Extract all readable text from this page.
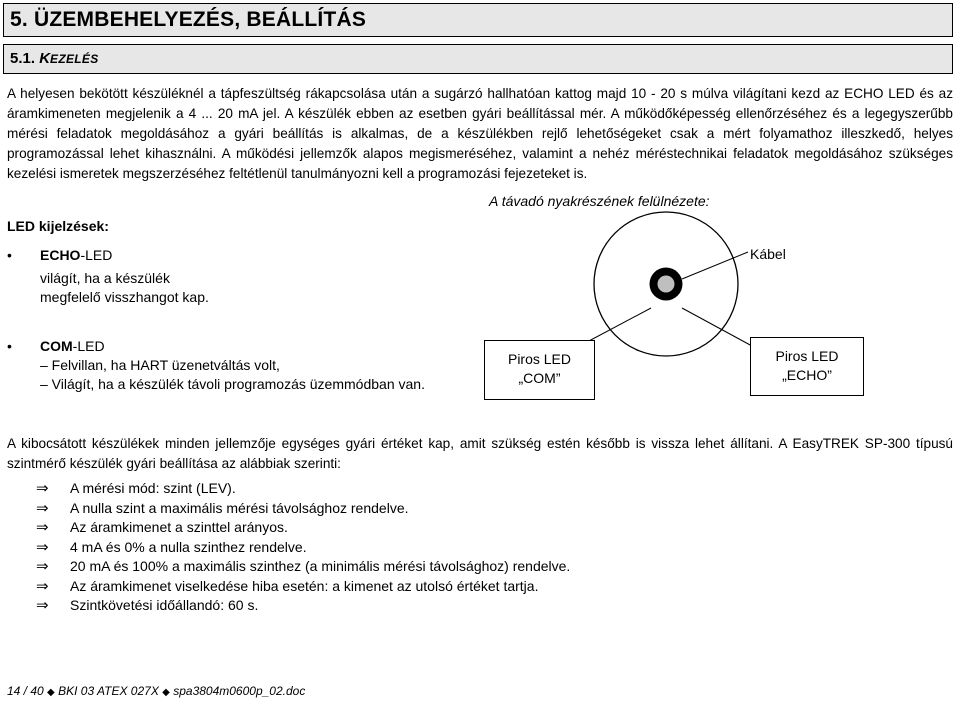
5. ÜZEMBEHELYEZÉS, BEÁLLÍTÁS
5.1. KEZELÉS

A helyesen bekötött készüléknél a tápfeszültség rákapcsolása után a sugárzó hallhatóan kattog majd 10 - 20 s múlva világítani kezd az ECHO LED és az áramkimeneten megjelenik a 4 ... 20 mA jel. A készülék ebben az esetben gyári beállítással mér. A működőképesség ellenőrzéséhez és a legegyszerűbb mérési feladatok megoldásához a gyári beállítás is alkalmas, de a készülékben rejlő lehetőségeket csak a mért folyamathoz illeszkedő, helyes programozással lehet kihasználni. A működési jellemzők alapos megismeréséhez, valamint a nehéz méréstechnikai feladatok megoldásához szükséges kezelési ismeretek megszerzéséhez feltétlenül tanulmányozni kell a programozási fejezeteket is.

LED kijelzések:
• ECHO-LED
világít, ha a készülék
megfelelő visszhangot kap.
• COM-LED
– Felvillan, ha HART üzenetváltás volt,
– Világít, ha a készülék távoli programozás üzemmódban van.
A távadó nyakrészének felülnézete:
Kábel
Piros LED
„COM”
Piros LED
„ECHO”

A kibocsátott készülékek minden jellemzője egységes gyári értéket kap, amit szükség estén később is vissza lehet állítani. A EasyTREK SP-300 típusú szintmérő készülék gyári beállítása az alábbiak szerinti:

⇒ A mérési mód: szint (LEV).
⇒ A nulla szint a maximális mérési távolsághoz rendelve.
⇒ Az áramkimenet a szinttel arányos.
⇒ 4 mA és 0% a nulla szinthez rendelve.
⇒ 20 mA és 100% a maximális szinthez (a minimális mérési távolsághoz) rendelve.
⇒ Az áramkimenet viselkedése hiba esetén: a kimenet az utolsó értéket tartja.
⇒ Szintkövetési időállandó: 60 s.
14 / 40 ◆ BKI 03 ATEX 027X ◆ spa3804m0600p_02.doc
